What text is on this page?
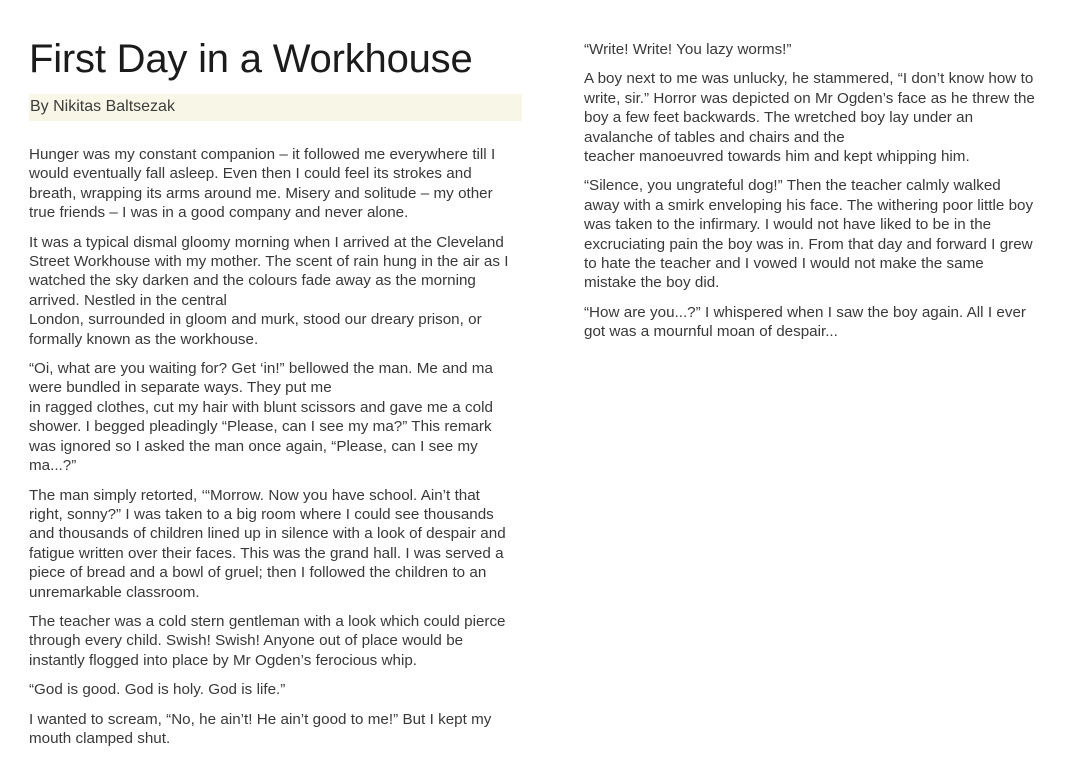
First Day in a Workhouse

By Nikitas Baltsezak

Hunger was my constant companion – it followed me everywhere till I would eventually fall asleep. Even then I could feel its strokes and breath, wrapping its arms around me. Misery and solitude – my other true friends – I was in a good company and never alone.

It was a typical dismal gloomy morning when I arrived at the Cleveland Street Workhouse with my mother. The scent of rain hung in the air as I watched the sky darken and the colours fade away as the morning arrived. Nestled in the central
London, surrounded in gloom and murk, stood our dreary prison, or formally known as the workhouse.

“Oi, what are you waiting for? Get ‘in!” bellowed the man. Me and ma were bundled in separate ways. They put me
in ragged clothes, cut my hair with blunt scissors and gave me a cold shower. I begged pleadingly “Please, can I see my ma?” This remark was ignored so I asked the man once again, “Please, can I see my ma...?”

The man simply retorted, ‘“Morrow. Now you have school. Ain’t that right, sonny?” I was taken to a big room where I could see thousands and thousands of children lined up in silence with a look of despair and fatigue written over their faces. This was the grand hall. I was served a piece of bread and a bowl of gruel; then I followed the children to an unremarkable classroom.

The teacher was a cold stern gentleman with a look which could pierce through every child. Swish! Swish! Anyone out of place would be instantly flogged into place by Mr Ogden’s ferocious whip.

“God is good. God is holy. God is life.”

I wanted to scream, “No, he ain’t! He ain’t good to me!” But I kept my mouth clamped shut.

“Write! Write! You lazy worms!”

A boy next to me was unlucky, he stammered, “I don’t know how to write, sir.” Horror was depicted on Mr Ogden’s face as he threw the boy a few feet backwards. The wretched boy lay under an avalanche of tables and chairs and the
teacher manoeuvred towards him and kept whipping him.

“Silence, you ungrateful dog!” Then the teacher calmly walked away with a smirk enveloping his face. The withering poor little boy was taken to the infirmary. I would not have liked to be in the excruciating pain the boy was in. From that day and forward I grew to hate the teacher and I vowed I would not make the same mistake the boy did.

“How are you...?” I whispered when I saw the boy again. All I ever got was a mournful moan of despair...
